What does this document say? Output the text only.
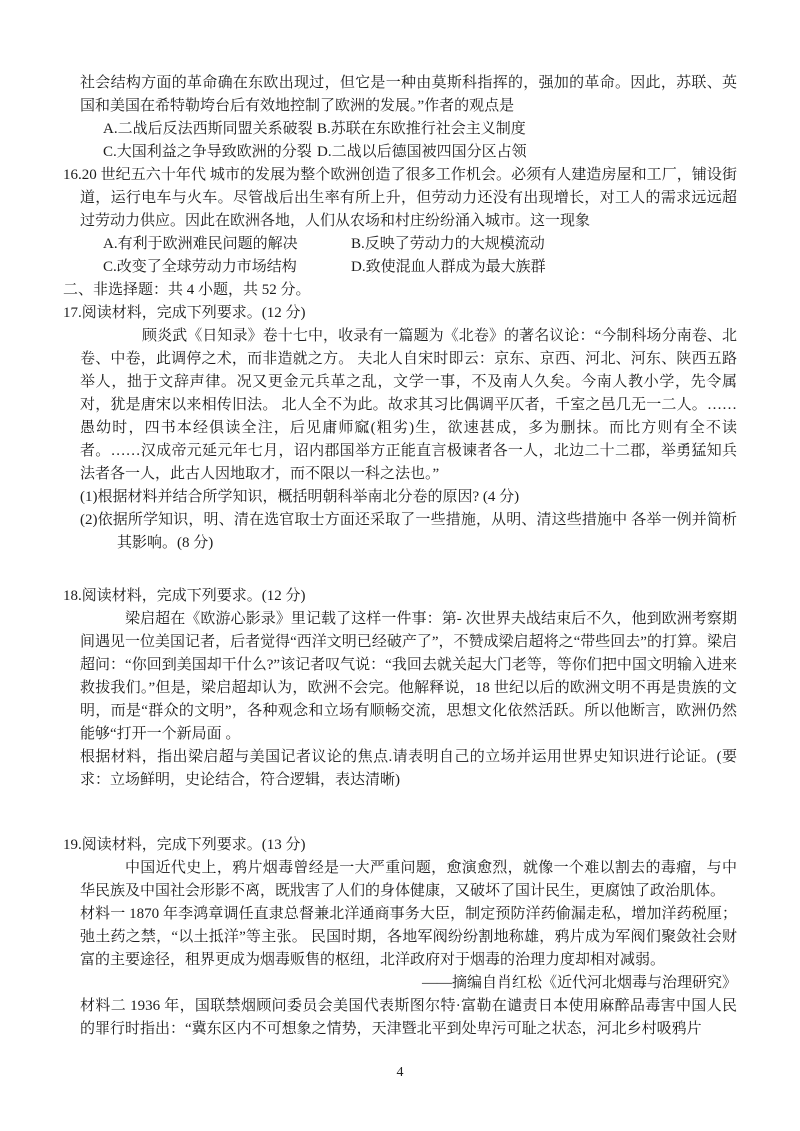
社会结构方面的革命确在东欧出现过，但它是一种由莫斯科指挥的，强加的革命。因此，苏联、英国和美国在希特勒垮台后有效地控制了欧洲的发展。”作者的观点是

A.二战后反法西斯同盟关系破裂 B.苏联在东欧推行社会主义制度
C.大国利益之争导致欧洲的分裂 D.二战以后德国被四国分区占领

16.20 世纪五六十年代 城市的发展为整个欧洲创造了很多工作机会。必须有人建造房屋和工厂，铺设街道，运行电车与火车。尽管战后出生率有所上升，但劳动力还没有出现增长，对工人的需求远远超过劳动力供应。因此在欧洲各地，人们从农场和村庄纷纷涌入城市。这一现象

A.有利于欧洲难民问题的解决	B.反映了劳动力的大规模流动
C.改变了全球劳动力市场结构	D.致使混血人群成为最大族群

二、非选择题：共 4 小题，共 52 分。

17.阅读材料，完成下列要求。(12 分)

顾炎武《日知录》卷十七中，收录有一篇题为《北卷》的著名议论：“今制科场分南卷、北卷、中卷，此调停之术，而非造就之方。 夫北人自宋时即云：京东、京西、河北、河东、陕西五路举人，拙于文辞声律。况又更金元兵革之乱，文学一事，不及南人久矣。今南人教小学，先令属对，犹是唐宋以来相传旧法。 北人全不为此。故求其习比偶调平仄者，千室之邑几无一二人。……愚幼时，四书本经俱读全注，后见庸师窳(粗劣)生，欲速甚成，多为删抹。而比方则有全不读者。……汉成帝元延元年七月，诏内郡国举方正能直言极谏者各一人，北边二十二郡，举勇猛知兵法者各一人，此古人因地取才，而不限以一科之法也。”

(1)根据材料并结合所学知识，概括明朝科举南北分卷的原因? (4 分)

(2)依据所学知识，明、清在选官取士方面还采取了一些措施，从明、清这些措施中 各举一例并简析其影响。(8 分)

18.阅读材料，完成下列要求。(12 分)

梁启超在《欧游心影录》里记载了这样一件事：第- 次世界夫战结束后不久，他到欧洲考察期间遇见一位美国记者，后者觉得“西洋文明已经破产了”，不赞成梁启超将之“带些回去”的打算。梁启超问：“你回到美国却干什么?”该记者叹气说：“我回去就关起大门老等，等你们把中国文明输入进来救拔我们。”但是，梁启超却认为，欧洲不会完。他解释说，18 世纪以后的欧洲文明不再是贵族的文明，而是“群众的文明”，各种观念和立场有顺畅交流，思想文化依然活跃。所以他断言，欧洲仍然能够“打开一个新局面 。

根据材料，指出梁启超与美国记者议论的焦点.请表明自己的立场并运用世界史知识进行论证。(要求：立场鲜明，史论结合，符合逻辑，表达清晰)

19.阅读材料，完成下列要求。(13 分)

中国近代史上，鸦片烟毒曾经是一大严重问题，愈演愈烈，就像一个难以割去的毒瘤，与中华民族及中国社会形影不离，既戕害了人们的身体健康，又破坏了国计民生，更腐蚀了政治肌体。

材料一 1870 年李鸿章调任直隶总督兼北洋通商事务大臣，制定预防洋药偷漏走私，增加洋药税厘；弛土药之禁，“以土抵洋”等主张。 民国时期，各地军阀纷纷割地称雄，鸦片成为军阀们聚敛社会财富的主要途径，租界更成为烟毒贩售的枢纽，北洋政府对于烟毒的治理力度却相对减弱。

——摘编自肖红松《近代河北烟毒与治理研究》

材料二 1936 年，国联禁烟顾问委员会美国代表斯图尔特·富勒在谴责日本使用麻醉品毒害中国人民的罪行时指出：“冀东区内不可想象之情势，天津暨北平到处卑污可耻之状态，河北乡村吸鸦片

4
